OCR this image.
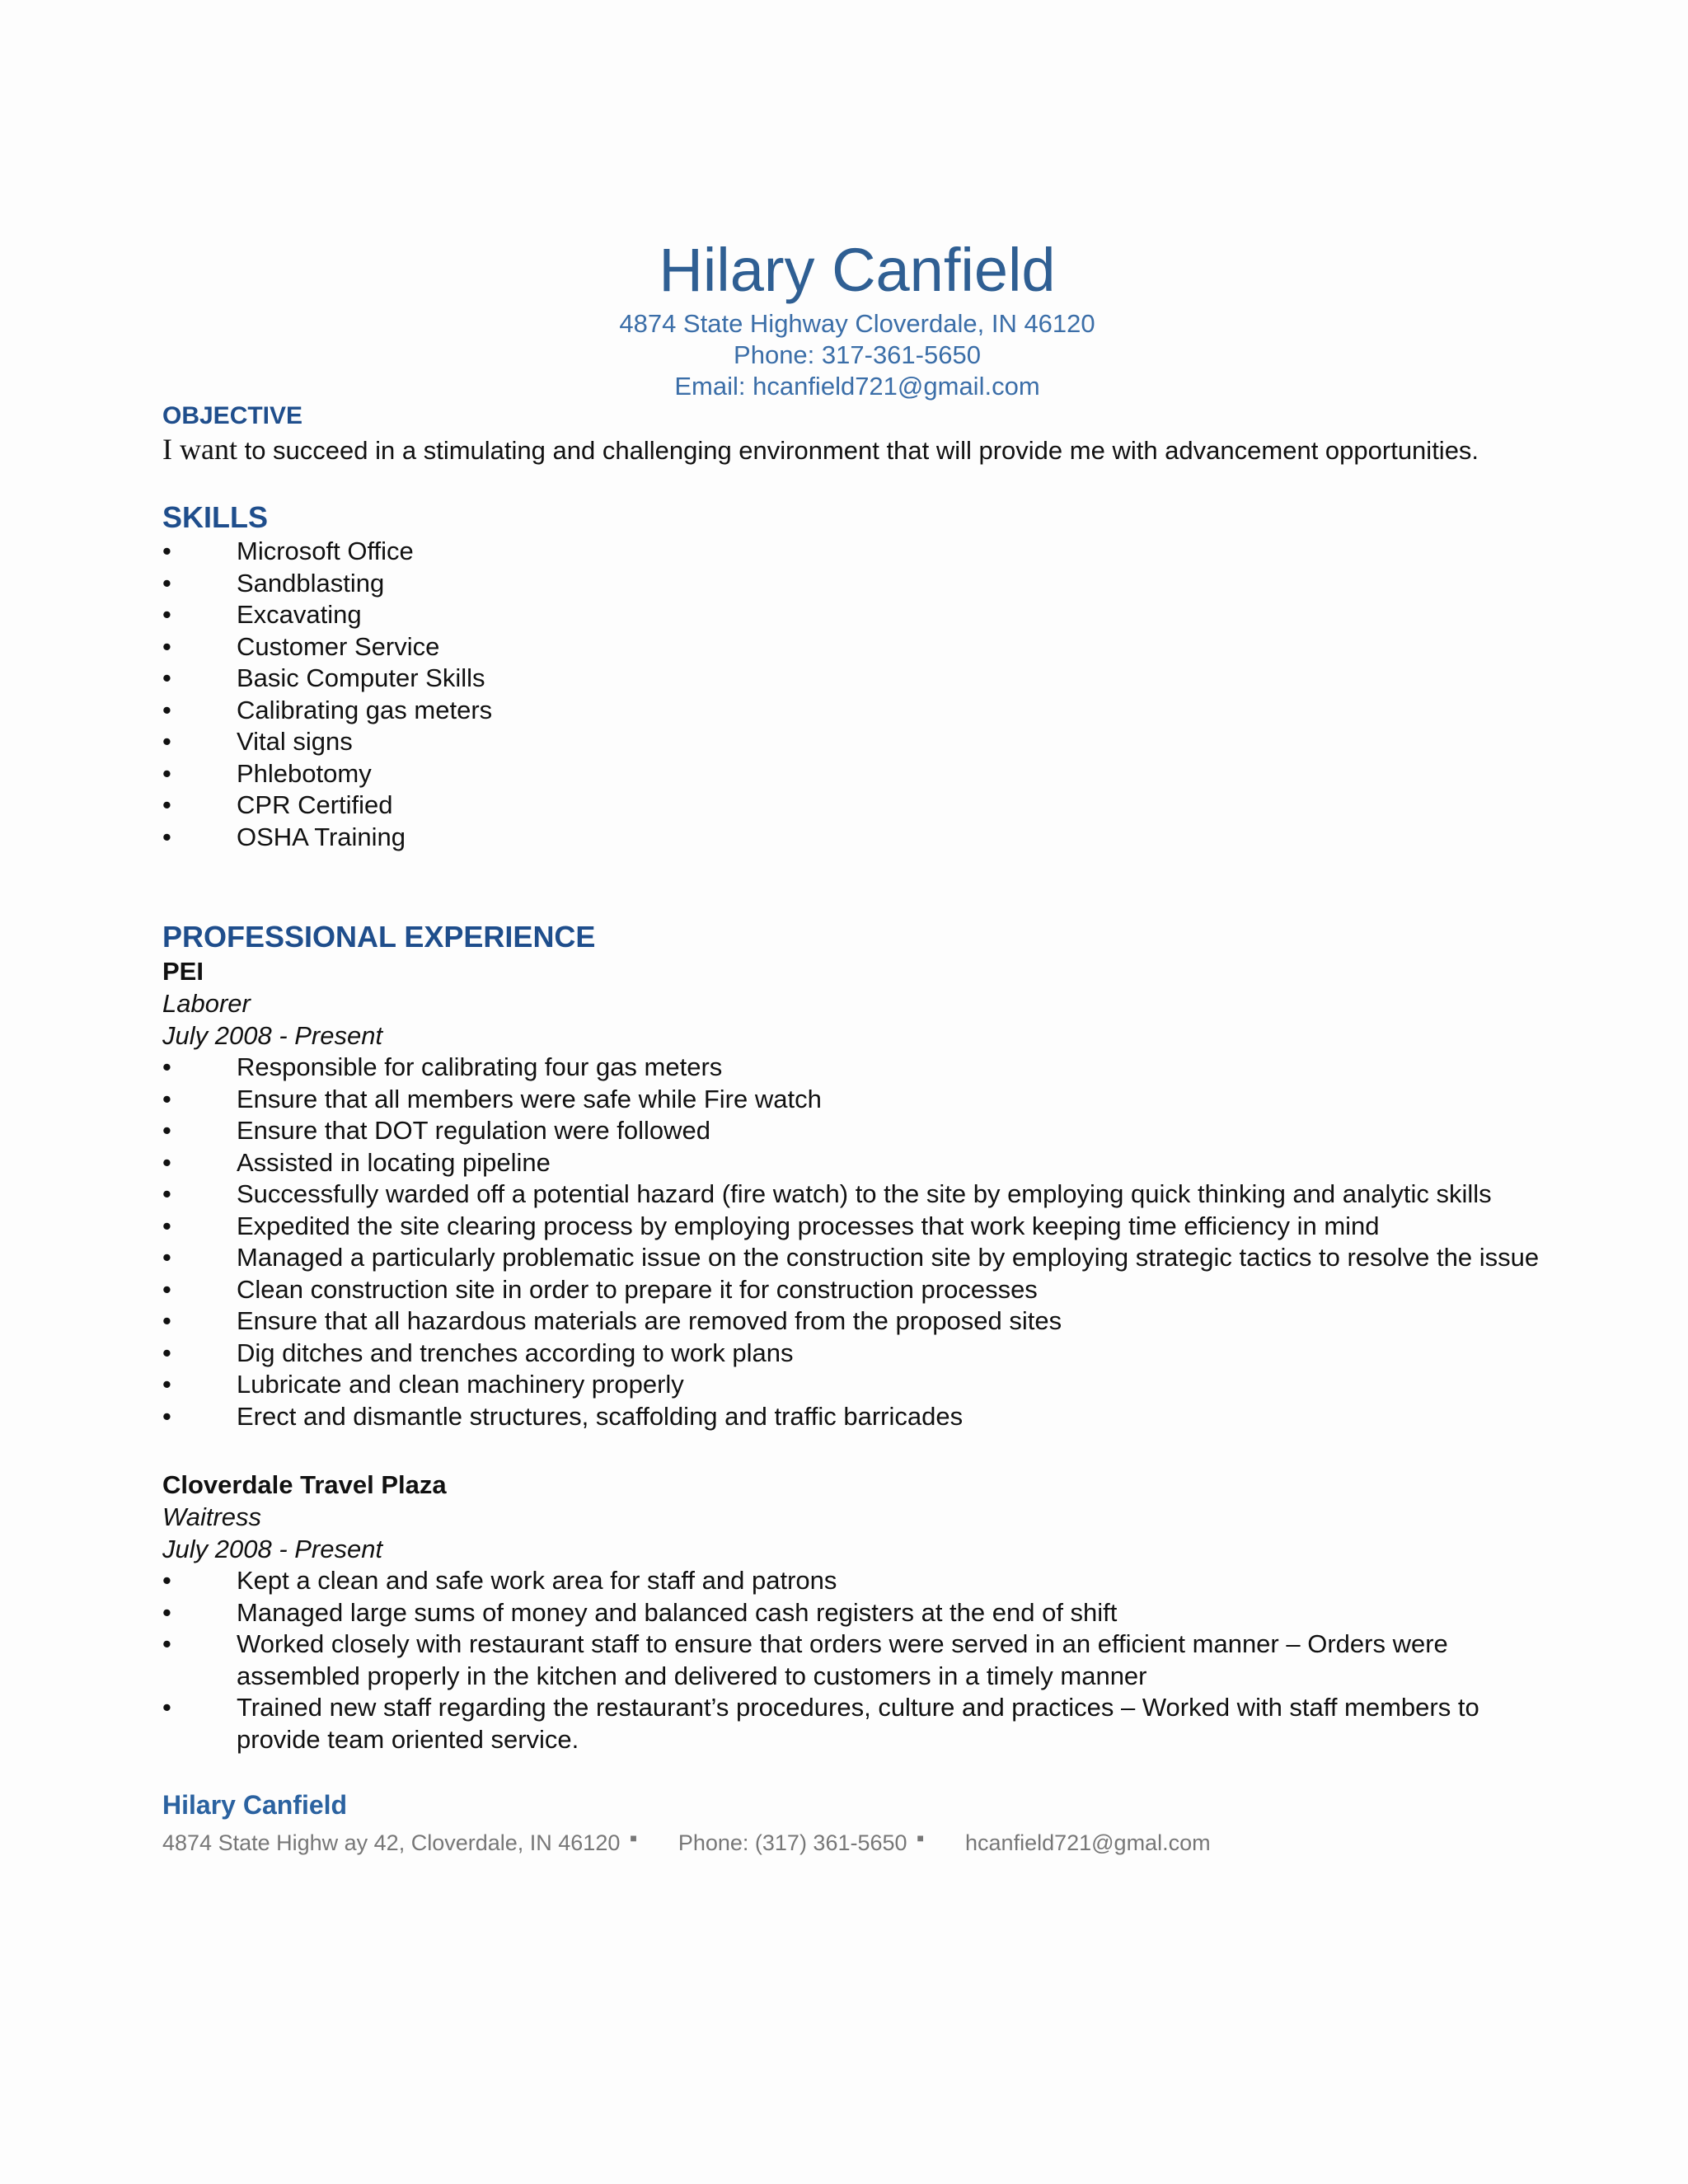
Hilary Canfield
4874 State Highway Cloverdale, IN 46120
Phone: 317-361-5650
Email: hcanfield721@gmail.com
OBJECTIVE
I want to succeed in a stimulating and challenging environment that will provide me with advancement opportunities.
SKILLS
•	Microsoft Office
•	Sandblasting
•	Excavating
•	Customer Service
•	Basic Computer Skills
•	Calibrating gas meters
•	Vital signs
•	Phlebotomy
•	CPR Certified
•	OSHA Training
PROFESSIONAL EXPERIENCE
PEI
Laborer
July 2008 - Present
•	Responsible for calibrating four gas meters
•	Ensure that all members were safe while Fire watch
•	Ensure that DOT regulation were followed
•	Assisted in locating pipeline
•	Successfully warded off a potential hazard (fire watch) to the site by employing quick thinking and analytic skills
•	Expedited the site clearing process by employing processes that work keeping time efficiency in mind
•	Managed a particularly problematic issue on the construction site by employing strategic tactics to resolve the issue
•	Clean construction site in order to prepare it for construction processes
•	Ensure that all hazardous materials are removed from the proposed sites
•	Dig ditches and trenches according to work plans
•	Lubricate and clean machinery properly
•	Erect and dismantle structures, scaffolding and traffic barricades
Cloverdale Travel Plaza
Waitress
July 2008 - Present
•	Kept a clean and safe work area for staff and patrons
•	Managed large sums of money and balanced cash registers at the end of shift
•	Worked closely with restaurant staff to ensure that orders were served in an efficient manner – Orders were assembled properly in the kitchen and delivered to customers in a timely manner
•	Trained new staff regarding the restaurant’s procedures, culture and practices – Worked with staff members to provide team oriented service.
Hilary Canfield
4874 State Highw ay 42, Cloverdale, IN 46120 ■ Phone: (317) 361-5650 ■ hcanfield721@gmal.com
